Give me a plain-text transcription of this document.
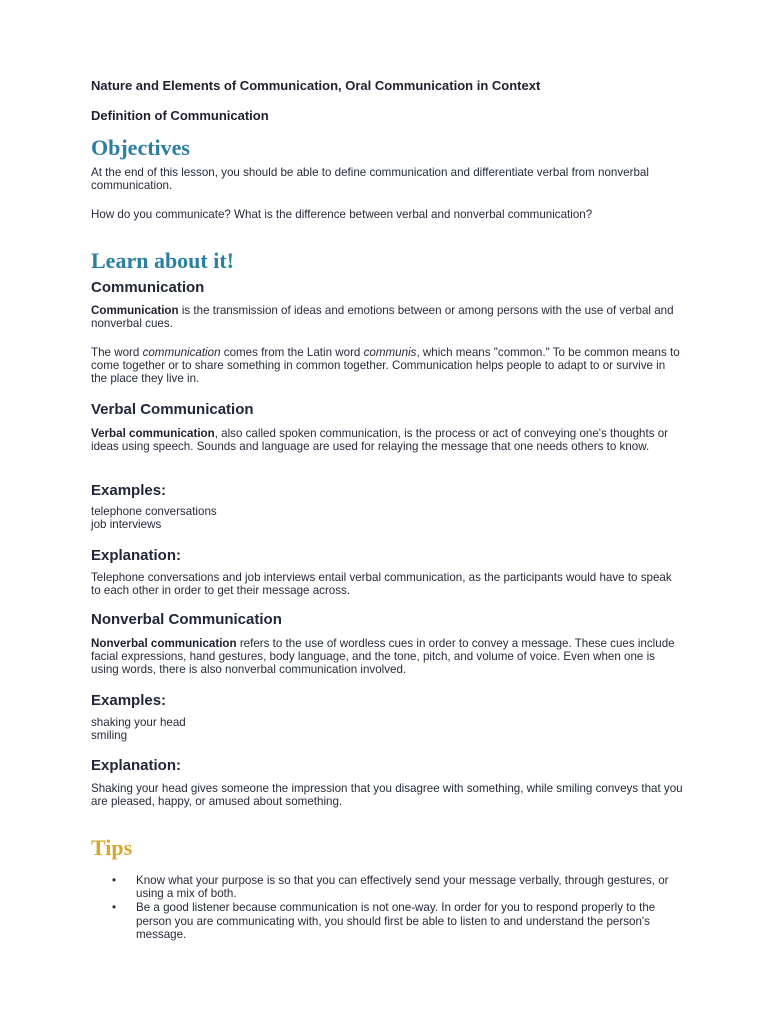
Nature and Elements of Communication, Oral Communication in Context
Definition of Communication
Objectives
At the end of this lesson, you should be able to define communication and differentiate verbal from nonverbal communication.
How do you communicate? What is the difference between verbal and nonverbal communication?
Learn about it!
Communication
Communication is the transmission of ideas and emotions between or among persons with the use of verbal and nonverbal cues.
The word communication comes from the Latin word communis, which means "common." To be common means to come together or to share something in common together. Communication helps people to adapt to or survive in the place they live in.
Verbal Communication
Verbal communication, also called spoken communication, is the process or act of conveying one's thoughts or ideas using speech. Sounds and language are used for relaying the message that one needs others to know.
Examples:
telephone conversations
job interviews
Explanation:
Telephone conversations and job interviews entail verbal communication, as the participants would have to speak to each other in order to get their message across.
Nonverbal Communication
Nonverbal communication refers to the use of wordless cues in order to convey a message. These cues include facial expressions, hand gestures, body language, and the tone, pitch, and volume of voice. Even when one is using words, there is also nonverbal communication involved.
Examples:
shaking your head
smiling
Explanation:
Shaking your head gives someone the impression that you disagree with something, while smiling conveys that you are pleased, happy, or amused about something.
Tips
• Know what your purpose is so that you can effectively send your message verbally, through gestures, or using a mix of both.
• Be a good listener because communication is not one-way. In order for you to respond properly to the person you are communicating with, you should first be able to listen to and understand the person's message.
